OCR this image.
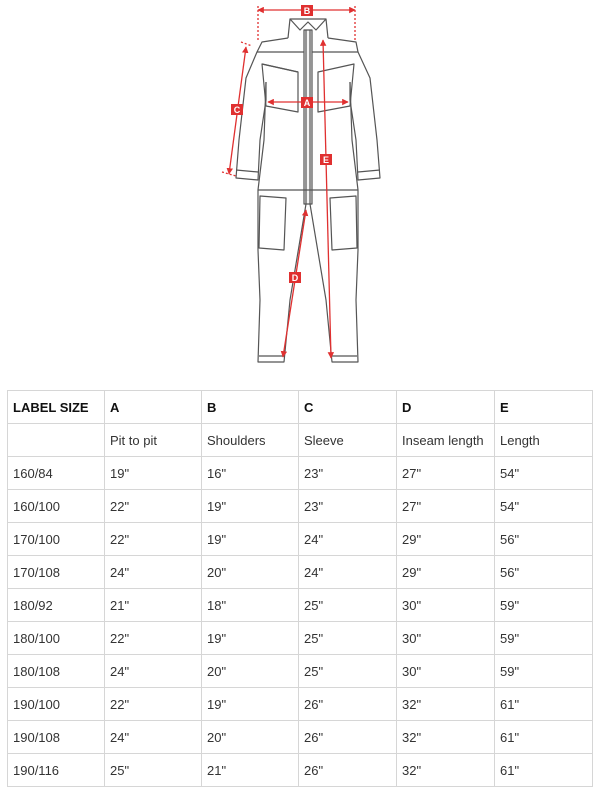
B
A
C
E
D
LABEL SIZE	A	B	C	D	E
	Pit to pit	Shoulders	Sleeve	Inseam length	Length
160/84	19"	16"	23"	27"	54"
160/100	22"	19"	23"	27"	54"
170/100	22"	19"	24"	29"	56"
170/108	24"	20"	24"	29"	56"
180/92	21"	18"	25"	30"	59"
180/100	22"	19"	25"	30"	59"
180/108	24"	20"	25"	30"	59"
190/100	22"	19"	26"	32"	61"
190/108	24"	20"	26"	32"	61"
190/116	25"	21"	26"	32"	61"
